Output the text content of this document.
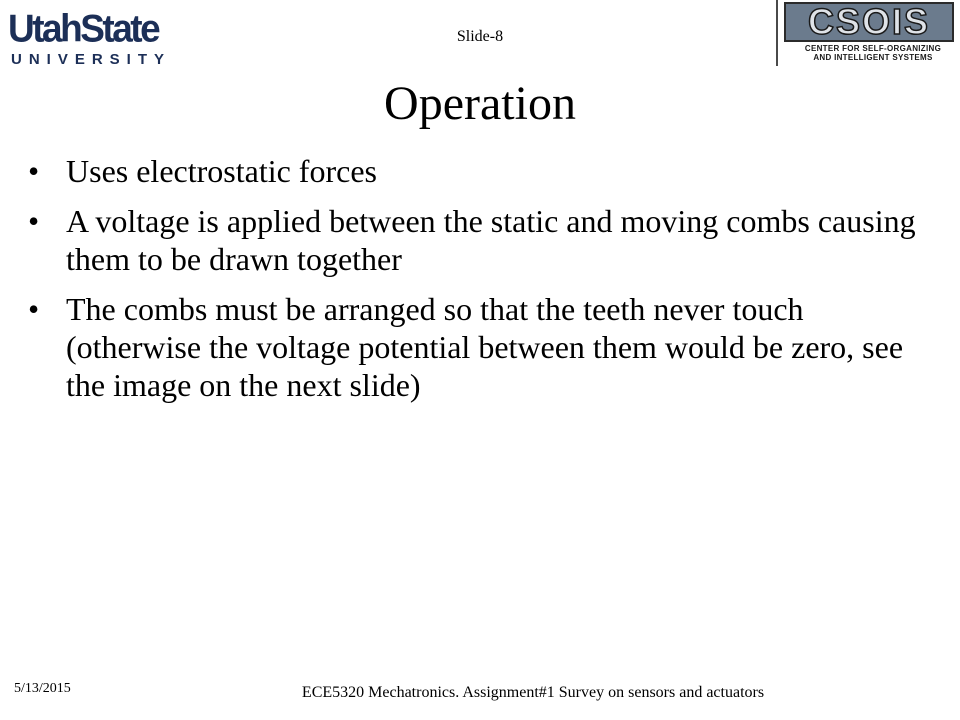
UtahState
UNIVERSITY
Slide-8	CSOIS
CENTER FOR SELF-ORGANIZING
AND INTELLIGENT SYSTEMS
Operation
• Uses electrostatic forces
• A voltage is applied between the static and moving combs causing them to be drawn together
• The combs must be arranged so that the teeth never touch (otherwise the voltage potential between them would be zero, see the image on the next slide)
5/13/2015	ECE5320 Mechatronics. Assignment#1 Survey on sensors and actuators
